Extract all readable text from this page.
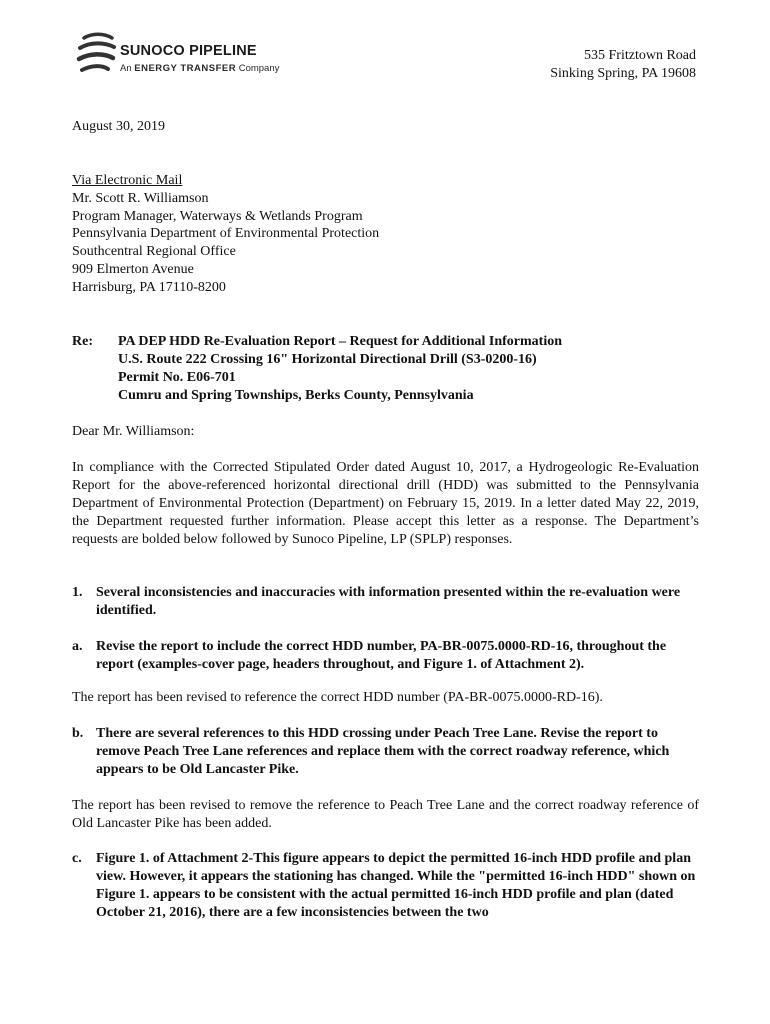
SUNOCO PIPELINE
An ENERGY TRANSFER Company
535 Fritztown Road
Sinking Spring, PA 19608
August 30, 2019
Via Electronic Mail
Mr. Scott R. Williamson
Program Manager, Waterways & Wetlands Program
Pennsylvania Department of Environmental Protection
Southcentral Regional Office
909 Elmerton Avenue
Harrisburg, PA 17110-8200
Re: PA DEP HDD Re-Evaluation Report – Request for Additional Information
U.S. Route 222 Crossing 16" Horizontal Directional Drill (S3-0200-16)
Permit No. E06-701
Cumru and Spring Townships, Berks County, Pennsylvania
Dear Mr. Williamson:
In compliance with the Corrected Stipulated Order dated August 10, 2017, a Hydrogeologic Re-Evaluation Report for the above-referenced horizontal directional drill (HDD) was submitted to the Pennsylvania Department of Environmental Protection (Department) on February 15, 2019. In a letter dated May 22, 2019, the Department requested further information. Please accept this letter as a response. The Department’s requests are bolded below followed by Sunoco Pipeline, LP (SPLP) responses.
1. Several inconsistencies and inaccuracies with information presented within the re-evaluation were identified.
a. Revise the report to include the correct HDD number, PA-BR-0075.0000-RD-16, throughout the report (examples-cover page, headers throughout, and Figure 1. of Attachment 2).
The report has been revised to reference the correct HDD number (PA-BR-0075.0000-RD-16).
b. There are several references to this HDD crossing under Peach Tree Lane. Revise the report to remove Peach Tree Lane references and replace them with the correct roadway reference, which appears to be Old Lancaster Pike.
The report has been revised to remove the reference to Peach Tree Lane and the correct roadway reference of Old Lancaster Pike has been added.
c. Figure 1. of Attachment 2-This figure appears to depict the permitted 16-inch HDD profile and plan view. However, it appears the stationing has changed. While the "permitted 16-inch HDD" shown on Figure 1. appears to be consistent with the actual permitted 16-inch HDD profile and plan (dated October 21, 2016), there are a few inconsistencies between the two
